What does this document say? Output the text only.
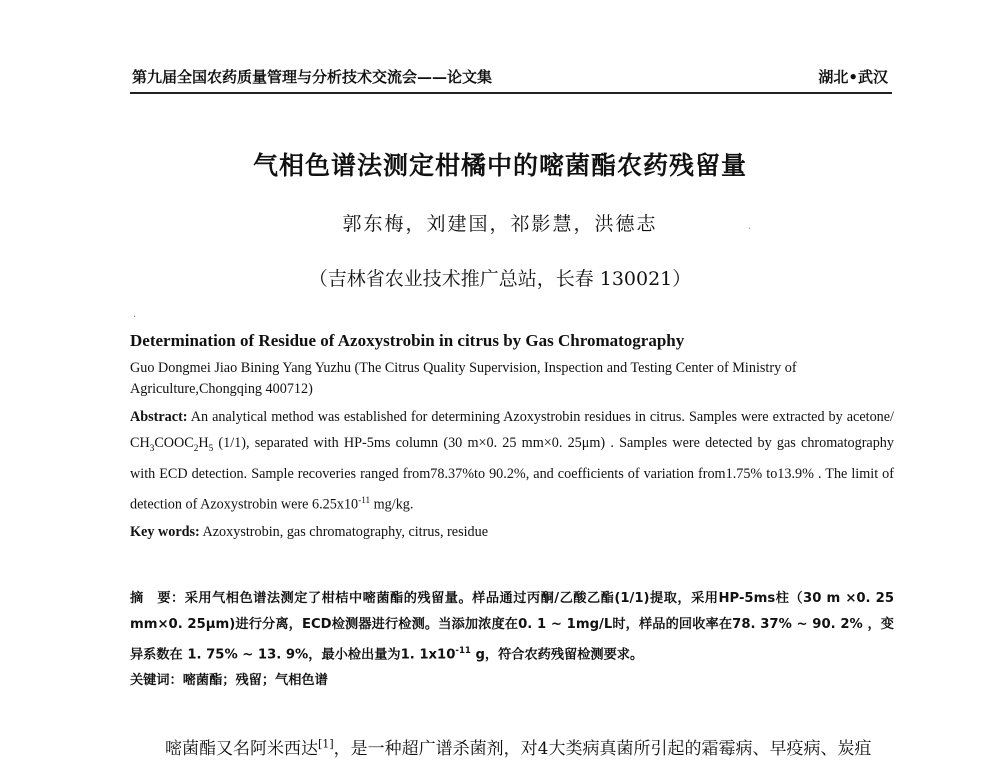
第九届全国农药质量管理与分析技术交流会——论文集	湖北•武汉
气相色谱法测定柑橘中的嘧菌酯农药残留量
郭东梅，刘建国，祁影慧，洪德志
（吉林省农业技术推广总站，长春 130021）
·
·
Determination of Residue of Azoxystrobin in citrus by Gas Chromatography
Guo Dongmei Jiao Bining Yang Yuzhu (The Citrus Quality Supervision, Inspection and Testing Center of Ministry of Agriculture,Chongqing 400712)
Abstract: An analytical method was established for determining Azoxystrobin residues in citrus. Samples were extracted by acetone/ $CH_3COOC_2H_5$ (1/1), separated with HP-5ms column (30 m×0. 25 mm×0. 25μm) . Samples were detected by gas chromatography with ECD detection. Sample recoveries ranged from78.37%to 90.2%, and coefficients of variation from1.75% to13.9% . The limit of detection of Azoxystrobin were $6.25x10^{-11}$ mg/kg.
Key words: Azoxystrobin, gas chromatography, citrus, residue
摘　要：采用气相色谱法测定了柑桔中嘧菌酯的残留量。样品通过丙酮/乙酸乙酯(1/1)提取，采用HP-5ms柱（30 m ×0. 25 mm×0. 25μm)进行分离，ECD检测器进行检测。当添加浓度在0. 1 ~ 1mg/L时，样品的回收率在78. 37% ~ 90. 2% ，变异系数在 1. 75% ~ 13. 9%，最小检出量为1. $1x10^{-11}$ g，符合农药残留检测要求。
关键词：嘧菌酯；残留；气相色谱
嘧菌酯又名阿米西达[1]，是一种超广谱杀菌剂，对4大类病真菌所引起的霜霉病、早疫病、炭疽
